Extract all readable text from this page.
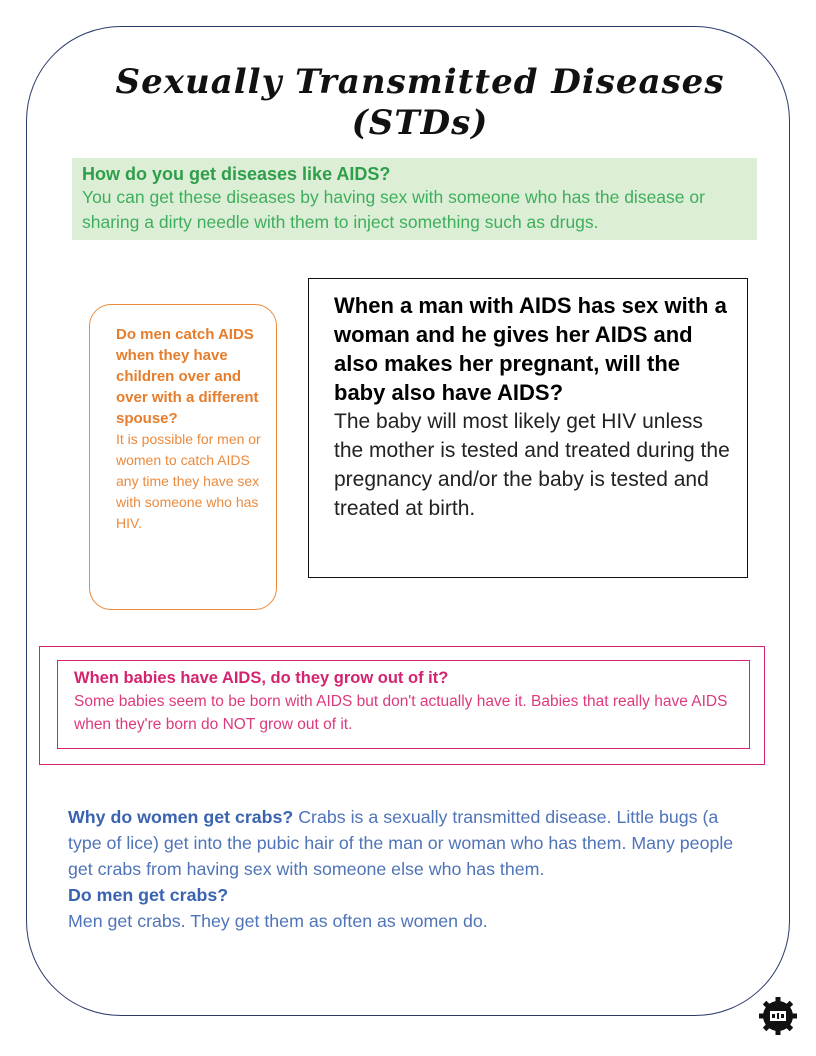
Sexually Transmitted Diseases (STDs)
How do you get diseases like AIDS?
You can get these diseases by having sex with someone who has the disease or sharing a dirty needle with them to inject something such as drugs.
Do men catch AIDS when they have children over and over with a different spouse?
It is possible for men or women to catch AIDS any time they have sex with someone who has HIV.
When a man with AIDS has sex with a woman and he gives her AIDS and also makes her pregnant, will the baby also have AIDS?
The baby will most likely get HIV unless the mother is tested and treated during the pregnancy and/or the baby is tested and treated at birth.
When babies have AIDS, do they grow out of it?
Some babies seem to be born with AIDS but don't actually have it. Babies that really have AIDS when they're born do NOT grow out of it.
Why do women get crabs? Crabs is a sexually transmitted disease. Little bugs (a type of lice) get into the pubic hair of the man or woman who has them. Many people get crabs from having sex with someone else who has them.
Do men get crabs?
Men get crabs. They get them as often as women do.
